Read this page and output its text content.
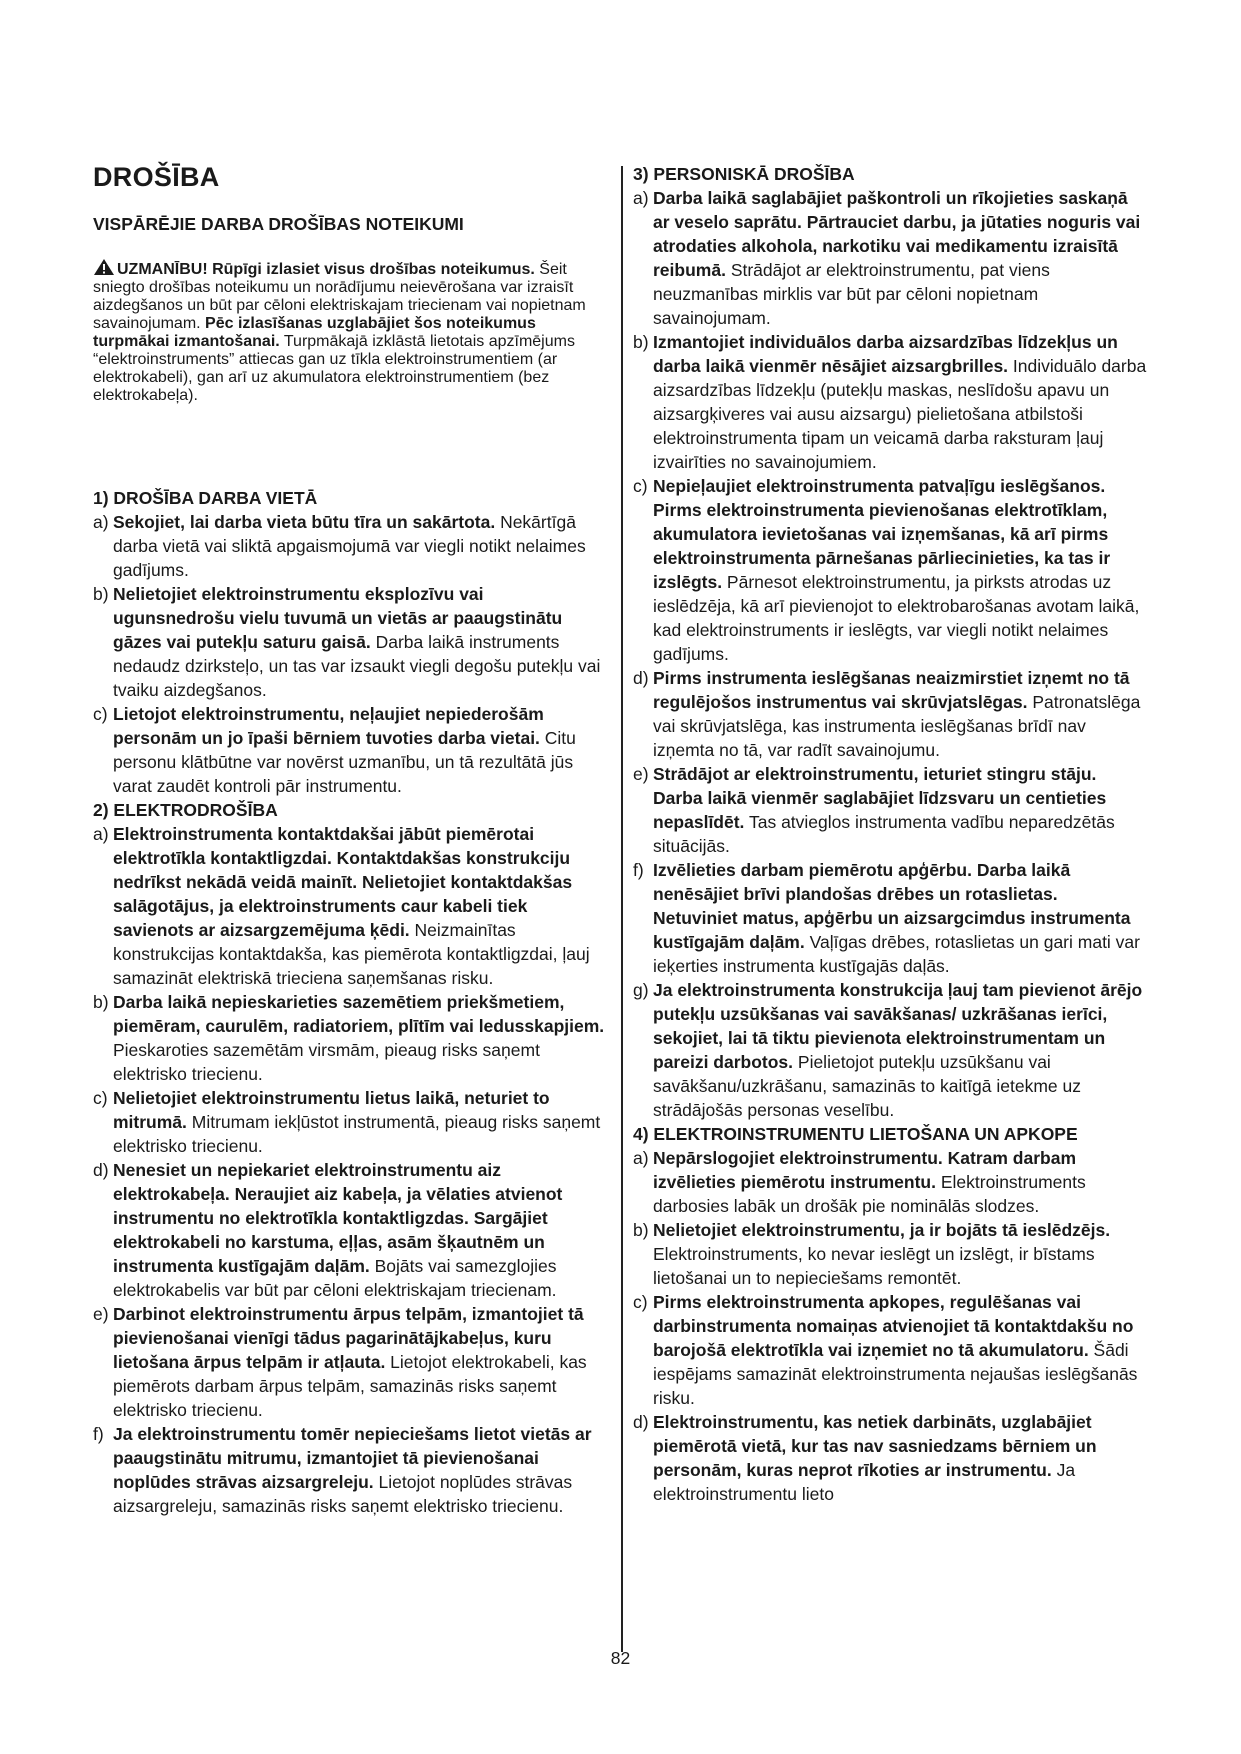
DROŠĪBA
VISPĀRĒJIE DARBA DROŠĪBAS NOTEIKUMI

UZMANĪBU! Rūpīgi izlasiet visus drošības noteikumus. Šeit sniegto drošības noteikumu un norādījumu neievērošana var izraisīt aizdegšanos un būt par cēloni elektriskajam triecienam vai nopietnam savainojumam. Pēc izlasīšanas uzglabājiet šos noteikumus turpmākai izmantošanai. Turpmākajā izklāstā lietotais apzīmējums “elektroinstruments” attiecas gan uz tīkla elektroinstrumentiem (ar elektrokabeli), gan arī uz akumulatora elektroinstrumentiem (bez elektrokabeļa).

1) DROŠĪBA DARBA VIETĀ

a) Sekojiet, lai darba vieta būtu tīra un sakārtota. Nekārtīgā darba vietā vai sliktā apgaismojumā var viegli notikt nelaimes gadījums.

b) Nelietojiet elektroinstrumentu eksplozīvu vai ugunsnedrošu vielu tuvumā un vietās ar paaugstinātu gāzes vai putekļu saturu gaisā. Darba laikā instruments nedaudz dzirksteļo, un tas var izsaukt viegli degošu putekļu vai tvaiku aizdegšanos.

c) Lietojot elektroinstrumentu, neļaujiet nepiederošām personām un jo īpaši bērniem tuvoties darba vietai. Citu personu klātbūtne var novērst uzmanību, un tā rezultātā jūs varat zaudēt kontroli pār instrumentu.

2) ELEKTRODROŠĪBA

a) Elektroinstrumenta kontaktdakšai jābūt piemērotai elektrotīkla kontaktligzdai. Kontaktdakšas konstrukciju nedrīkst nekādā veidā mainīt. Nelietojiet kontaktdakšas salāgotājus, ja elektroinstruments caur kabeli tiek savienots ar aizsargzemējuma ķēdi. Neizmainītas konstrukcijas kontaktdakša, kas piemērota kontaktligzdai, ļauj samazināt elektriskā trieciena saņemšanas risku.

b) Darba laikā nepieskarieties sazemētiem priekšmetiem, piemēram, caurulēm, radiatoriem, plītīm vai ledusskapjiem. Pieskaroties sazemētām virsmām, pieaug risks saņemt elektrisko triecienu.

c) Nelietojiet elektroinstrumentu lietus laikā, neturiet to mitrumā. Mitrumam iekļūstot instrumentā, pieaug risks saņemt elektrisko triecienu.

d) Nenesiet un nepiekariet elektroinstrumentu aiz elektrokabeļa. Neraujiet aiz kabeļa, ja vēlaties atvienot instrumentu no elektrotīkla kontaktligzdas. Sargājiet elektrokabeli no karstuma, eļļas, asām šķautnēm un instrumenta kustīgajām daļām. Bojāts vai samezglojies elektrokabelis var būt par cēloni elektriskajam triecienam.

e) Darbinot elektroinstrumentu ārpus telpām, izmantojiet tā pievienošanai vienīgi tādus pagarinātājkabeļus, kuru lietošana ārpus telpām ir atļauta. Lietojot elektrokabeli, kas piemērots darbam ārpus telpām, samazinās risks saņemt elektrisko triecienu.

f) Ja elektroinstrumentu tomēr nepieciešams lietot vietās ar paaugstinātu mitrumu, izmantojiet tā pievienošanai noplūdes strāvas aizsargreleju. Lietojot noplūdes strāvas aizsargreleju, samazinās risks saņemt elektrisko triecienu.

3) PERSONISKĀ DROŠĪBA

a) Darba laikā saglabājiet paškontroli un rīkojieties saskaņā ar veselo saprātu. Pārtrauciet darbu, ja jūtaties noguris vai atrodaties alkohola, narkotiku vai medikamentu izraisītā reibumā. Strādājot ar elektroinstrumentu, pat viens neuzmanības mirklis var būt par cēloni nopietnam savainojumam.

b) Izmantojiet individuālos darba aizsardzības līdzekļus un darba laikā vienmēr nēsājiet aizsargbrilles. Individuālo darba aizsardzības līdzekļu (putekļu maskas, neslīdošu apavu un aizsargķiveres vai ausu aizsargu) pielietošana atbilstoši elektroinstrumenta tipam un veicamā darba raksturam ļauj izvairīties no savainojumiem.

c) Nepieļaujiet elektroinstrumenta patvaļīgu ieslēgšanos. Pirms elektroinstrumenta pievienošanas elektrotīklam, akumulatora ievietošanas vai izņemšanas, kā arī pirms elektroinstrumenta pārnešanas pārliecinieties, ka tas ir izslēgts. Pārnesot elektroinstrumentu, ja pirksts atrodas uz ieslēdzēja, kā arī pievienojot to elektrobarošanas avotam laikā, kad elektroinstruments ir ieslēgts, var viegli notikt nelaimes gadījums.

d) Pirms instrumenta ieslēgšanas neaizmirstiet izņemt no tā regulējošos instrumentus vai skrūvjatslēgas. Patronatslēga vai skrūvjatslēga, kas instrumenta ieslēgšanas brīdī nav izņemta no tā, var radīt savainojumu.

e) Strādājot ar elektroinstrumentu, ieturiet stingru stāju. Darba laikā vienmēr saglabājiet līdzsvaru un centieties nepaslīdēt. Tas atvieglos instrumenta vadību neparedzētās situācijās.

f) Izvēlieties darbam piemērotu apģērbu. Darba laikā nenēsājiet brīvi plandošas drēbes un rotaslietas. Netuviniet matus, apģērbu un aizsargcimdus instrumenta kustīgajām daļām. Vaļīgas drēbes, rotaslietas un gari mati var ieķerties instrumenta kustīgajās daļās.

g) Ja elektroinstrumenta konstrukcija ļauj tam pievienot ārējo putekļu uzsūkšanas vai savākšanas/ uzkrāšanas ierīci, sekojiet, lai tā tiktu pievienota elektroinstrumentam un pareizi darbotos. Pielietojot putekļu uzsūkšanu vai savākšanu/uzkrāšanu, samazinās to kaitīgā ietekme uz strādājošās personas veselību.

4) ELEKTROINSTRUMENTU LIETOŠANA UN APKOPE

a) Nepārslogojiet elektroinstrumentu. Katram darbam izvēlieties piemērotu instrumentu. Elektroinstruments darbosies labāk un drošāk pie nominālās slodzes.

b) Nelietojiet elektroinstrumentu, ja ir bojāts tā ieslēdzējs. Elektroinstruments, ko nevar ieslēgt un izslēgt, ir bīstams lietošanai un to nepieciešams remontēt.

c) Pirms elektroinstrumenta apkopes, regulēšanas vai darbinstrumenta nomaiņas atvienojiet tā kontaktdakšu no barojošā elektrotīkla vai izņemiet no tā akumulatoru. Šādi iespējams samazināt elektroinstrumenta nejaušas ieslēgšanās risku.

d) Elektroinstrumentu, kas netiek darbināts, uzglabājiet piemērotā vietā, kur tas nav sasniedzams bērniem un personām, kuras neprot rīkoties ar instrumentu. Ja elektroinstrumentu lieto

82
